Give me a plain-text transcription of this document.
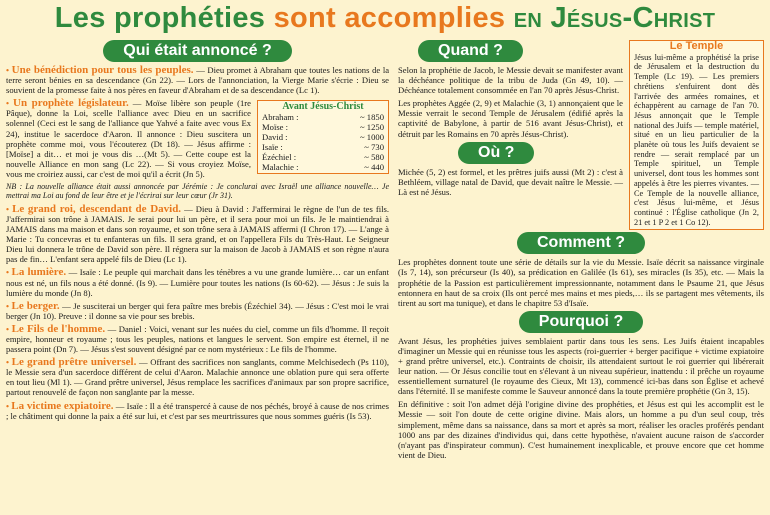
Les prophéties sont accomplies en Jésus-Christ
Qui était annoncé ?

• Une bénédiction pour tous les peuples. — Dieu promet à Abraham que toutes les nations de la terre seront bénies en sa descendance (Gn 22). — Lors de l'annonciation, la Vierge Marie s'écrie : Dieu se souvient de la promesse faite à nos pères en faveur d'Abraham et de sa descendance (Lc 1).

Avant Jésus-Christ
Abraham :	~ 1850
Moïse :	~ 1250
David :	~ 1000
Isaïe :	~ 730
Ézéchiel :	~ 580
Malachie :	~ 440

• Un prophète législateur. — Moïse libère son peuple (1re Pâque), donne la Loi, scelle l'alliance avec Dieu en un sacrifice solennel (Ceci est le sang de l'alliance que Yahvé a faite avec vous Ex 24), institue le sacerdoce d'Aaron. Il annonce : Dieu suscitera un prophète comme moi, vous l'écouterez (Dt 18). — Jésus affirme : [Moïse] a dit… et moi je vous dis …(Mt 5). — Cette coupe est la nouvelle Alliance en mon sang (Lc 22). — Si vous croyiez Moïse, vous me croiriez aussi, car c'est de moi qu'il a écrit (Jn 5).

NB : La nouvelle alliance était aussi annoncée par Jérémie : Je conclurai avec Israël une alliance nouvelle… Je mettrai ma Loi au fond de leur être et je l'écrirai sur leur cœur (Jr 31).

• Le grand roi, descendant de David. — Dieu à David : J'affermirai le règne de l'un de tes fils. J'affermirai son trône à JAMAIS. Je serai pour lui un père, et il sera pour moi un fils. Je le maintiendrai à JAMAIS dans ma maison et dans son royaume, et son trône sera à JAMAIS affermi (I Chron 17). — L'ange à Marie : Tu concevras et tu enfanteras un fils. Il sera grand, et on l'appellera Fils du Très-Haut. Le Seigneur Dieu lui donnera le trône de David son père. Il régnera sur la maison de Jacob à JAMAIS et son règne n'aura pas de fin… L'enfant sera appelé fils de Dieu (Lc 1).

• La lumière. — Isaïe : Le peuple qui marchait dans les ténèbres a vu une grande lumière… car un enfant nous est né, un fils nous a été donné. (Is 9). — Lumière pour toutes les nations (Is 60-62). — Jésus : Je suis la lumière du monde (Jn 8).

• Le berger. — Je susciterai un berger qui fera paître mes brebis (Ézéchiel 34). — Jésus : C'est moi le vrai berger (Jn 10). Preuve : il donne sa vie pour ses brebis.

• Le Fils de l'homme. — Daniel : Voici, venant sur les nuées du ciel, comme un fils d'homme. Il reçoit empire, honneur et royaume ; tous les peuples, nations et langues le servent. Son empire est éternel, il ne passera point (Dn 7). — Jésus s'est souvent désigné par ce nom mystérieux : Le fils de l'homme.

• Le grand prêtre universel. — Offrant des sacrifices non sanglants, comme Melchisedech (Ps 110), le Messie sera d'un sacerdoce différent de celui d'Aaron. Malachie annonce une oblation pure qui sera offerte en tout lieu (Ml 1). — Grand prêtre universel, Jésus remplace les sacrifices d'animaux par son propre sacrifice, partout renouvelé de façon non sanglante par la messe.

• La victime expiatoire. — Isaïe : Il a été transpercé à cause de nos péchés, broyé à cause de nos crimes ; le châtiment qui donne la paix a été sur lui, et c'est par ses meurtrissures que nous sommes guéris (Is 53).

Le Temple
Jésus lui-même a prophétisé la prise de Jérusalem et la destruction du Temple (Lc 19). — Les premiers chrétiens s'enfuirent dont dès l'arrivée des armées romaines, et échappèrent au carnage de l'an 70. Jésus annonçait que le Temple national des Juifs — temple matériel, situé en un lieu particulier de la planète où tous les Juifs devaient se rendre — serait remplacé par un Temple spirituel, un Temple universel, dont tous les hommes sont appelés à être les pierres vivantes. — Ce Temple de la nouvelle alliance, c'est Jésus lui-même, et Jésus continué : l'Église catholique (Jn 2, 21 et 1 P 2 et 1 Co 12).
Quand ?

Selon la prophétie de Jacob, le Messie devait se manifester avant la déchéance politique de la tribu de Juda (Gn 49, 10). — Déchéance totalement consommée en l'an 70 après Jésus-Christ.

Les prophètes Aggée (2, 9) et Malachie (3, 1) annonçaient que le Messie verrait le second Temple de Jérusalem (édifié après la captivité de Babylone, à partir de 516 avant Jésus-Christ), et détruit par les Romains en 70 après Jésus-Christ).

Où ?

Michée (5, 2) est formel, et les prêtres juifs aussi (Mt 2) : c'est à Bethléem, village natal de David, que devait naître le Messie. — Là est né Jésus.

Comment ?

Les prophètes donnent toute une série de détails sur la vie du Messie. Isaïe décrit sa naissance virginale (Is 7, 14), son précurseur (Is 40), sa prédication en Galilée (Is 61), ses miracles (Is 35), etc. — Mais la prophétie de la Passion est particulièrement impressionnante, notamment dans le Psaume 21, que Jésus entonnera en haut de sa croix (Ils ont percé mes mains et mes pieds,… ils se partagent mes vêtements, ils tirent au sort ma tunique), et dans le chapitre 53 d'Isaïe.

Pourquoi ?

Avant Jésus, les prophéties juives semblaient partir dans tous les sens. Les Juifs étaient incapables d'imaginer un Messie qui en réunisse tous les aspects (roi-guerrier + berger pacifique + victime expiatoire + grand prêtre universel, etc.). Contraints de choisir, ils attendaient surtout le roi guerrier qui libérerait leur nation. — Or Jésus concilie tout en s'élevant à un niveau supérieur, inattendu : il prêche un royaume essentiellement surnaturel (le royaume des Cieux, Mt 13), commencé ici-bas dans son Église et achevé dans l'éternité. Il se manifeste comme le Sauveur annoncé dans la toute première prophétie (Gn 3, 15).

En définitive : soit l'on admet déjà l'origine divine des prophéties, et Jésus est qui les accomplit est le Messie — soit l'on doute de cette origine divine. Mais alors, un homme a pu d'un seul coup, très simplement, même dans sa naissance, dans sa mort et après sa mort, réaliser les oracles proférés pendant 1000 ans par des dizaines d'individus qui, dans cette hypothèse, n'avaient aucune raison de s'accorder (n'ayant pas d'inspirateur commun). C'est humainement inexplicable, et prouve encore que cet homme vient de Dieu.
